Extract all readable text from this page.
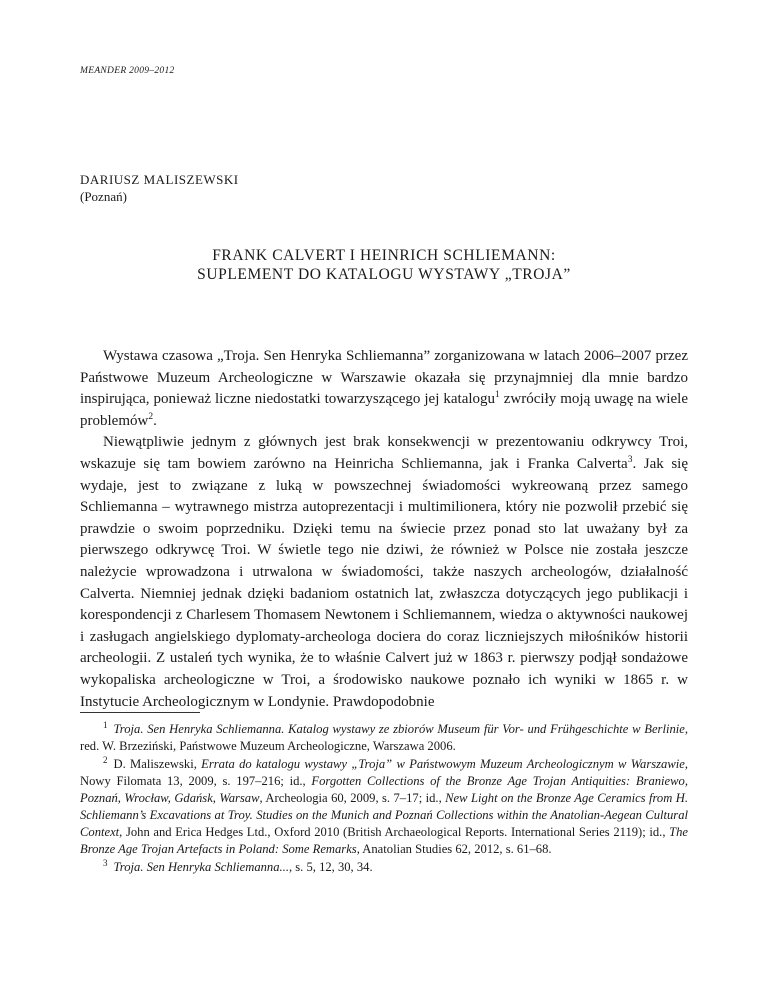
MEANDER 2009–2012
DARIUSZ MALISZEWSKI
(Poznań)
FRANK CALVERT I HEINRICH SCHLIEMANN:
SUPLEMENT DO KATALOGU WYSTAWY „TROJA”

Wystawa czasowa „Troja. Sen Henryka Schliemanna” zorganizowana w latach 2006–2007 przez Państwowe Muzeum Archeologiczne w Warszawie okazała się przynajmniej dla mnie bardzo inspirująca, ponieważ liczne niedostatki towarzyszącego jej katalogu$^1$ zwróciły moją uwagę na wiele problemów$^2$.

Niewątpliwie jednym z głównych jest brak konsekwencji w prezentowaniu odkrywcy Troi, wskazuje się tam bowiem zarówno na Heinricha Schliemanna, jak i Franka Calverta$^3$. Jak się wydaje, jest to związane z luką w powszechnej świadomości wykreowaną przez samego Schliemanna – wytrawnego mistrza autoprezentacji i multimilionera, który nie pozwolił przebić się prawdzie o swoim poprzedniku. Dzięki temu na świecie przez ponad sto lat uważany był za pierwszego odkrywcę Troi. W świetle tego nie dziwi, że również w Polsce nie została jeszcze należycie wprowadzona i utrwalona w świadomości, także naszych archeologów, działalność Calverta. Niemniej jednak dzięki badaniom ostatnich lat, zwłaszcza dotyczących jego publikacji i korespondencji z Charlesem Thomasem Newtonem i Schliemannem, wiedza o aktywności naukowej i zasługach angielskiego dyplomaty-archeologa dociera do coraz liczniejszych miłośników historii archeologii. Z ustaleń tych wynika, że to właśnie Calvert już w 1863 r. pierwszy podjął sondażowe wykopaliska archeologiczne w Troi, a środowisko naukowe poznało ich wyniki w 1865 r. w Instytucie Archeologicznym w Londynie. Prawdopodobnie

$^1$ Troja. Sen Henryka Schliemanna. Katalog wystawy ze zbiorów Museum für Vor- und Frühgeschichte w Berlinie, red. W. Brzeziński, Państwowe Muzeum Archeologiczne, Warszawa 2006.

$^2$ D. Maliszewski, Errata do katalogu wystawy „Troja” w Państwowym Muzeum Archeologicznym w Warszawie, Nowy Filomata 13, 2009, s. 197–216; id., Forgotten Collections of the Bronze Age Trojan Antiquities: Braniewo, Poznań, Wrocław, Gdańsk, Warsaw, Archeologia 60, 2009, s. 7–17; id., New Light on the Bronze Age Ceramics from H. Schliemann’s Excavations at Troy. Studies on the Munich and Poznań Collections within the Anatolian-Aegean Cultural Context, John and Erica Hedges Ltd., Oxford 2010 (British Archaeological Reports. International Series 2119); id., The Bronze Age Trojan Artefacts in Poland: Some Remarks, Anatolian Studies 62, 2012, s. 61–68.

$^3$ Troja. Sen Henryka Schliemanna..., s. 5, 12, 30, 34.
